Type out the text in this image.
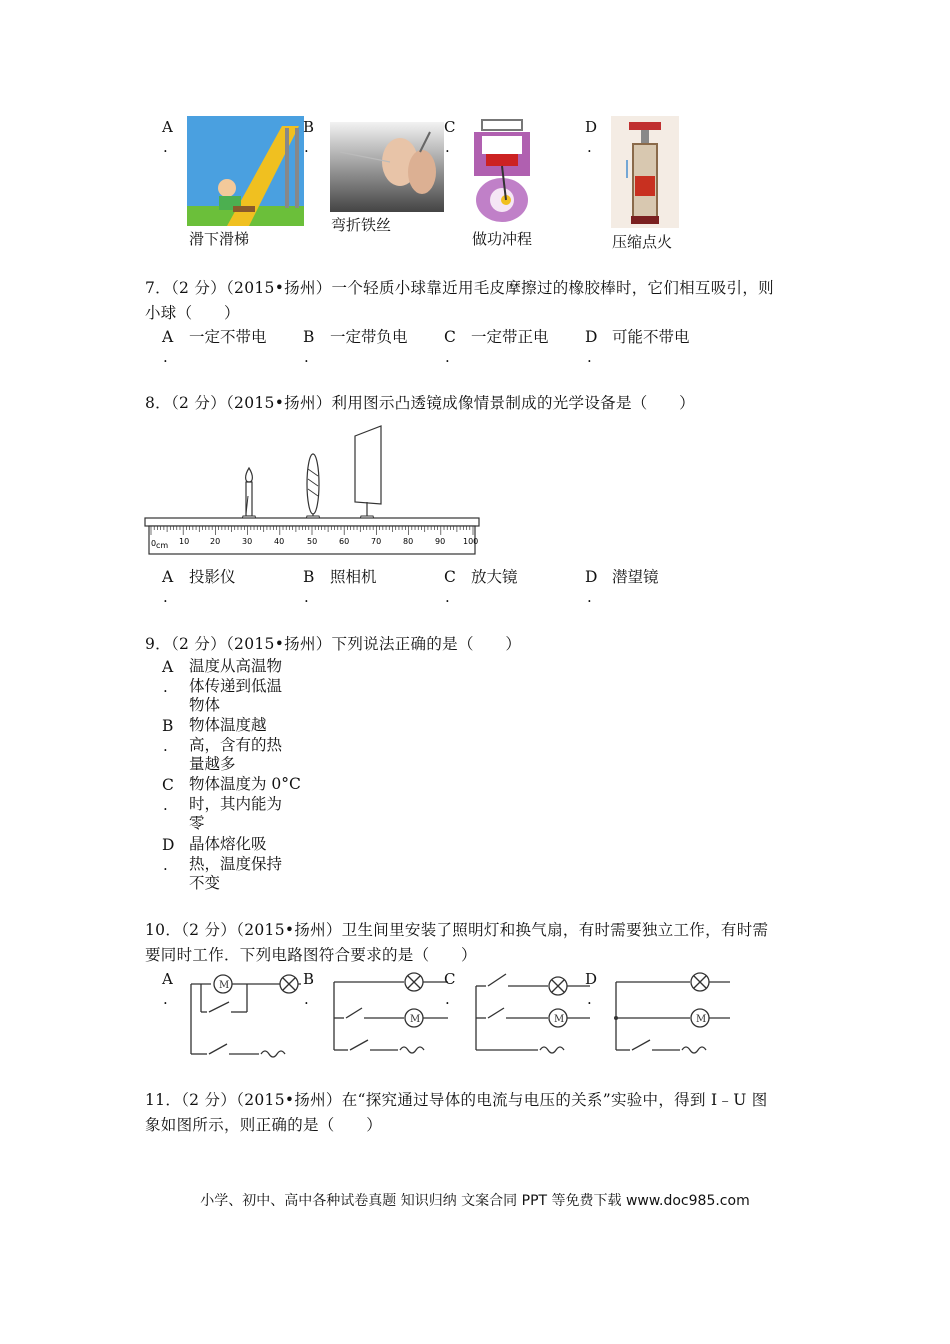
A
.
滑下滑梯
B
.
弯折铁丝
C
.
做功冲程
D
.
压缩点火
7．（2 分）（2015•扬州）一个轻质小球靠近用毛皮摩擦过的橡胶棒时，它们相互吸引，则
小球（　　）
A
.
一定不带电 B
.
一定带负电 C
.
一定带正电 D
.
可能不带电
8．（2 分）（2015•扬州）利用图示凸透镜成像情景制成的光学设备是（　　）
0 cm 10	20	30	40	50	60	70	80	90 100
A
.
投影仪	B
.
照相机	C
.
放大镜	D
.
潜望镜
9．（2 分）（2015•扬州）下列说法正确的是（　　）
A
.
温度从高温物
体传递到低温
物体
B
.
物体温度越
高，含有的热
量越多
C
.
物体温度为 0°C
时，其内能为
零
D
.
晶体熔化吸
热，温度保持
不变
10．（2 分）（2015•扬州）卫生间里安装了照明灯和换气扇，有时需要独立工作，有时需
要同时工作．下列电路图符合要求的是（　　）
A
.
M	B
.
M
C
.
M
D
.
M
11．（2 分）（2015•扬州）在“探究通过导体的电流与电压的关系”实验中，得到 I﹣U 图
象如图所示，则正确的是（　　）
小学、初中、高中各种试卷真题 知识归纳 文案合同 PPT 等免费下载 www.doc985.com
